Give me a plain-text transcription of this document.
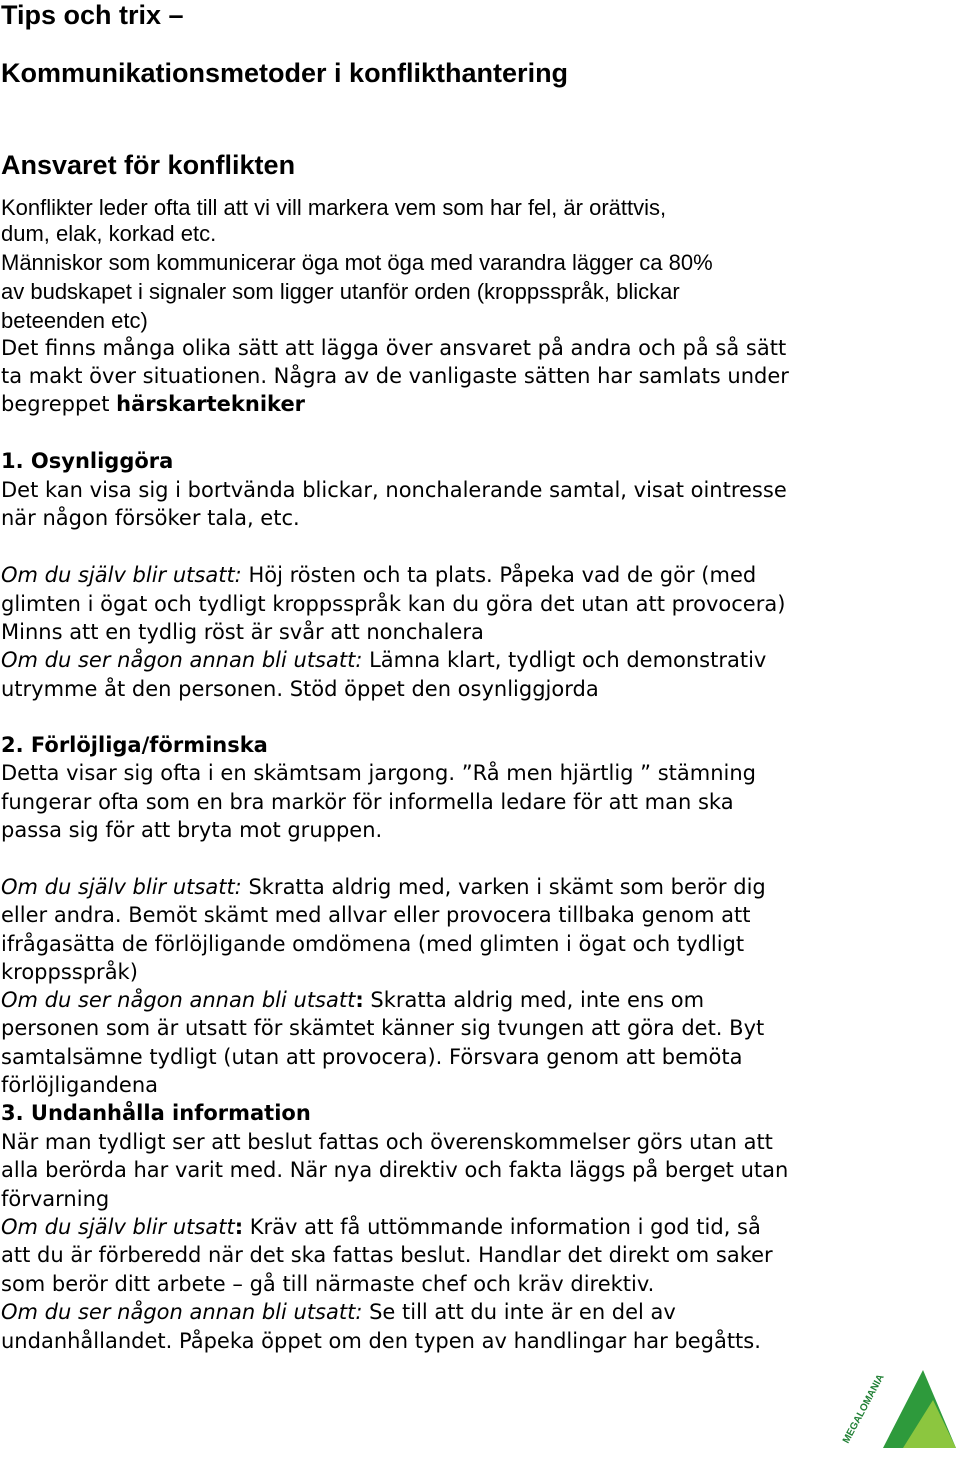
Tips och trix –
Kommunikationsmetoder i konflikthantering
Ansvaret för konflikten
Konflikter leder ofta till att vi vill markera vem som har fel, är orättvis,
dum, elak, korkad etc.
Människor som kommunicerar öga mot öga med varandra lägger ca 80%
av budskapet i signaler som ligger utanför orden (kroppsspråk, blickar
beteenden etc)
Det finns många olika sätt att lägga över ansvaret på andra och på så sätt
ta makt över situationen. Några av de vanligaste sätten har samlats under
begreppet härskartekniker
1. Osynliggöra
Det kan visa sig i bortvända blickar, nonchalerande samtal, visat ointresse
när någon försöker tala, etc.
Om du själv blir utsatt: Höj rösten och ta plats. Påpeka vad de gör (med
glimten i ögat och tydligt kroppsspråk kan du göra det utan att provocera)
Minns att en tydlig röst är svår att nonchalera
Om du ser någon annan bli utsatt: Lämna klart, tydligt och demonstrativ
utrymme åt den personen. Stöd öppet den osynliggjorda
2. Förlöjliga/förminska
Detta visar sig ofta i en skämtsam jargong. ”Rå men hjärtlig ” stämning
fungerar ofta som en bra markör för informella ledare för att man ska
passa sig för att bryta mot gruppen.
Om du själv blir utsatt: Skratta aldrig med, varken i skämt som berör dig
eller andra. Bemöt skämt med allvar eller provocera tillbaka genom att
ifrågasätta de förlöjligande omdömena (med glimten i ögat och tydligt
kroppsspråk)
Om du ser någon annan bli utsatt: Skratta aldrig med, inte ens om
personen som är utsatt för skämtet känner sig tvungen att göra det. Byt
samtalsämne tydligt (utan att provocera). Försvara genom att bemöta
förlöjligandena
3. Undanhålla information
När man tydligt ser att beslut fattas och överenskommelser görs utan att
alla berörda har varit med. När nya direktiv och fakta läggs på berget utan
förvarning
Om du själv blir utsatt: Kräv att få uttömmande information i god tid, så
att du är förberedd när det ska fattas beslut. Handlar det direkt om saker
som berör ditt arbete – gå till närmaste chef och kräv direktiv.
Om du ser någon annan bli utsatt: Se till att du inte är en del av
undanhållandet. Påpeka öppet om den typen av handlingar har begåtts.
MEGALOMANIA
